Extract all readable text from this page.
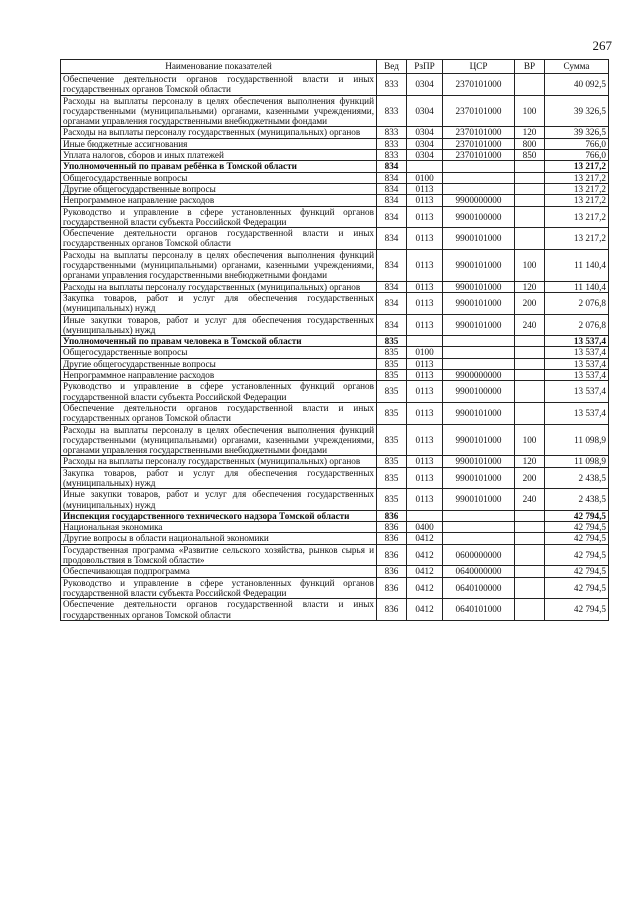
267
Наименование показателей	Вед	РзПР	ЦСР	ВР	Сумма
Обеспечение деятельности органов государственной власти и иных государственных органов Томской области	833	0304	2370101000		40 092,5
Расходы на выплаты персоналу в целях обеспечения выполнения функций государственными (муниципальными) органами, казенными учреждениями, органами управления государственными внебюджетными фондами	833	0304	2370101000	100	39 326,5
Расходы на выплаты персоналу государственных (муниципальных) органов	833	0304	2370101000	120	39 326,5
Иные бюджетные ассигнования	833	0304	2370101000	800	766,0
Уплата налогов, сборов и иных платежей	833	0304	2370101000	850	766,0
Уполномоченный по правам ребёнка в Томской области	834				13 217,2
Общегосударственные вопросы	834	0100			13 217,2
Другие общегосударственные вопросы	834	0113			13 217,2
Непрограммное направление расходов	834	0113	9900000000		13 217,2
Руководство и управление в сфере установленных функций органов государственной власти субъекта Российской Федерации	834	0113	9900100000		13 217,2
Обеспечение деятельности органов государственной власти и иных государственных органов Томской области	834	0113	9900101000		13 217,2
Расходы на выплаты персоналу в целях обеспечения выполнения функций государственными (муниципальными) органами, казенными учреждениями, органами управления государственными внебюджетными фондами	834	0113	9900101000	100	11 140,4
Расходы на выплаты персоналу государственных (муниципальных) органов	834	0113	9900101000	120	11 140,4
Закупка товаров, работ и услуг для обеспечения государственных (муниципальных) нужд	834	0113	9900101000	200	2 076,8
Иные закупки товаров, работ и услуг для обеспечения государственных (муниципальных) нужд	834	0113	9900101000	240	2 076,8
Уполномоченный по правам человека в Томской области	835				13 537,4
Общегосударственные вопросы	835	0100			13 537,4
Другие общегосударственные вопросы	835	0113			13 537,4
Непрограммное направление расходов	835	0113	9900000000		13 537,4
Руководство и управление в сфере установленных функций органов государственной власти субъекта Российской Федерации	835	0113	9900100000		13 537,4
Обеспечение деятельности органов государственной власти и иных государственных органов Томской области	835	0113	9900101000		13 537,4
Расходы на выплаты персоналу в целях обеспечения выполнения функций государственными (муниципальными) органами, казенными учреждениями, органами управления государственными внебюджетными фондами	835	0113	9900101000	100	11 098,9
Расходы на выплаты персоналу государственных (муниципальных) органов	835	0113	9900101000	120	11 098,9
Закупка товаров, работ и услуг для обеспечения государственных (муниципальных) нужд	835	0113	9900101000	200	2 438,5
Иные закупки товаров, работ и услуг для обеспечения государственных (муниципальных) нужд	835	0113	9900101000	240	2 438,5
Инспекция государственного технического надзора Томской области	836				42 794,5
Национальная экономика	836	0400			42 794,5
Другие вопросы в области национальной экономики	836	0412			42 794,5
Государственная программа «Развитие сельского хозяйства, рынков сырья и продовольствия в Томской области»	836	0412	0600000000		42 794,5
Обеспечивающая подпрограмма	836	0412	0640000000		42 794,5
Руководство и управление в сфере установленных функций органов государственной власти субъекта Российской Федерации	836	0412	0640100000		42 794,5
Обеспечение деятельности органов государственной власти и иных государственных органов Томской области	836	0412	0640101000		42 794,5
